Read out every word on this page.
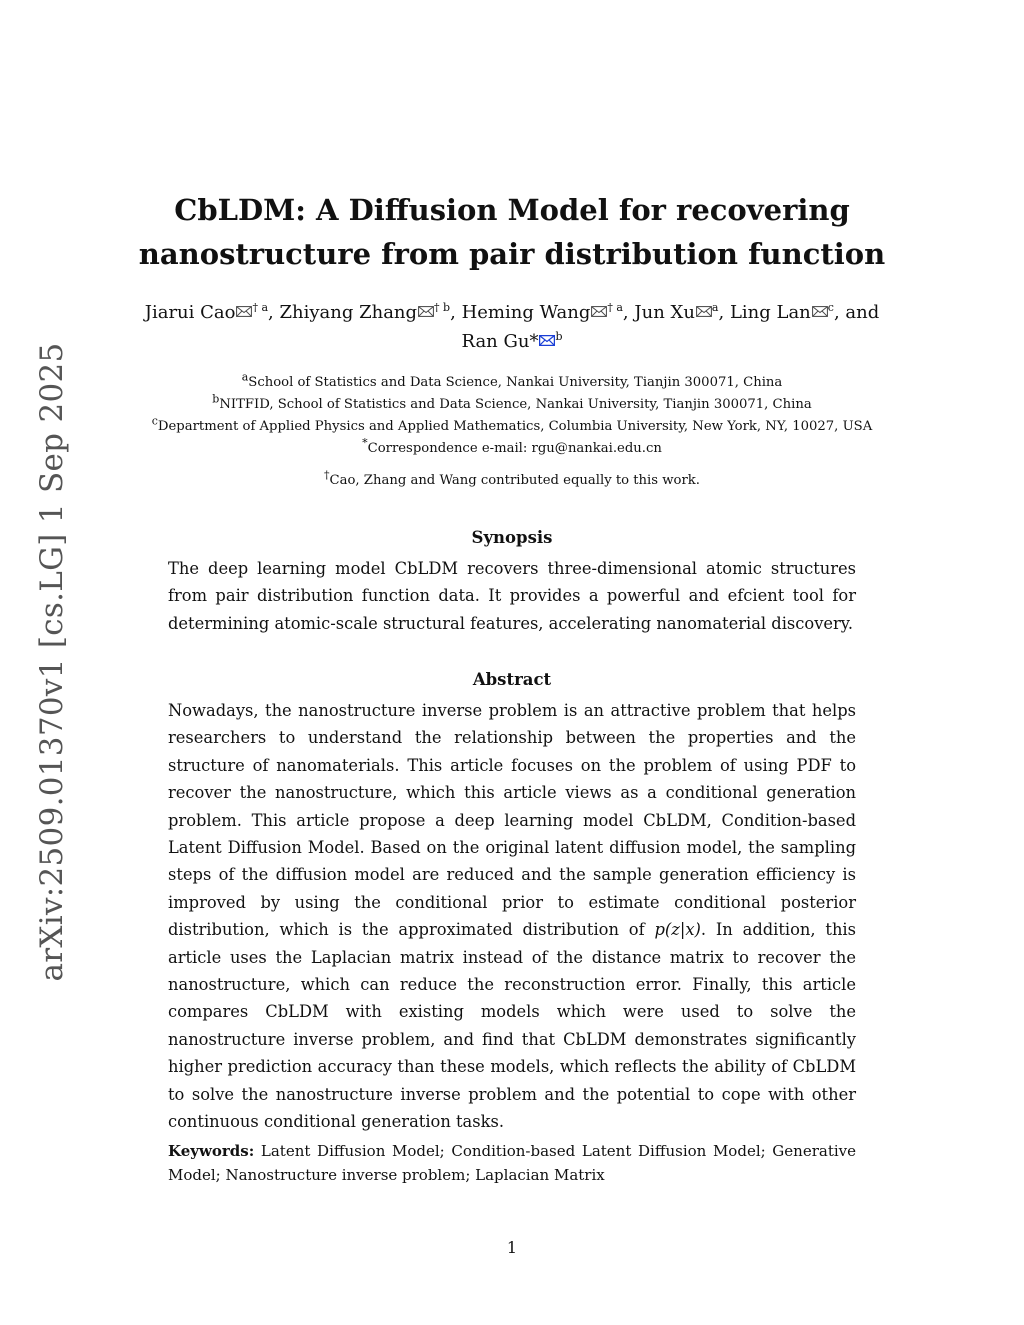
arXiv:2509.01370v1 [cs.LG] 1 Sep 2025
CbLDM: A Diffusion Model for recovering
nanostructure from pair distribution function
Jiarui Cao $^{\dagger a}$, Zhiyang Zhang $^{\dagger b}$, Heming Wang $^{\dagger a}$, Jun Xu $^a$, Ling Lan $^c$, and Ran Gu* $^b$
$^a$School of Statistics and Data Science, Nankai University, Tianjin 300071, China
$^b$NITFID, School of Statistics and Data Science, Nankai University, Tianjin 300071, China
$^c$Department of Applied Physics and Applied Mathematics, Columbia University, New York, NY, 10027, USA
*Correspondence e-mail: rgu@nankai.edu.cn
†Cao, Zhang and Wang contributed equally to this work.
Synopsis
The deep learning model CbLDM recovers three-dimensional atomic structures from pair distribution function data. It provides a powerful and efcient tool for determining atomic-scale structural features, accelerating nanomaterial discovery.
Abstract
Nowadays, the nanostructure inverse problem is an attractive problem that helps researchers to understand the relationship between the properties and the structure of nanomaterials. This article focuses on the problem of using PDF to recover the nanostructure, which this article views as a conditional generation problem. This article propose a deep learning model CbLDM, Condition-based Latent Diffusion Model. Based on the original latent diffusion model, the sampling steps of the diffusion model are reduced and the sample generation efficiency is improved by using the conditional prior to estimate conditional posterior distribution, which is the approximated distribution of p(z|x). In addition, this article uses the Laplacian matrix instead of the distance matrix to recover the nanostructure, which can reduce the reconstruction error. Finally, this article compares CbLDM with existing models which were used to solve the nanostructure inverse problem, and find that CbLDM demonstrates significantly higher prediction accuracy than these models, which reflects the ability of CbLDM to solve the nanostructure inverse problem and the potential to cope with other continuous conditional generation tasks.
Keywords: Latent Diffusion Model; Condition-based Latent Diffusion Model; Generative Model; Nanostructure inverse problem; Laplacian Matrix
1
